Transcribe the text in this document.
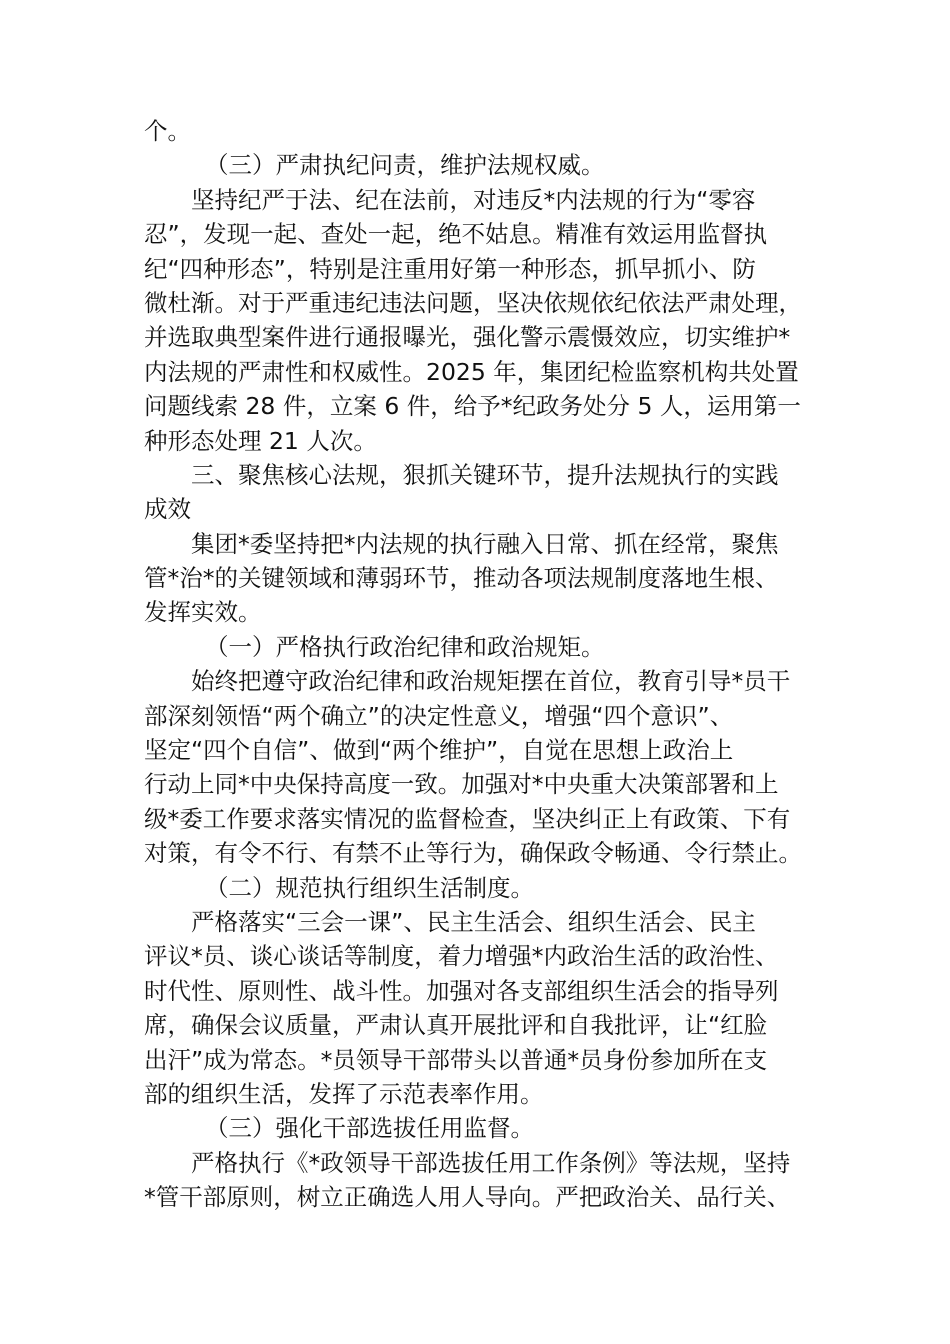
个。
（三）严肃执纪问责，维护法规权威。
坚持纪严于法、纪在法前，对违反*内法规的行为“零容
忍”，发现一起、查处一起，绝不姑息。精准有效运用监督执
纪“四种形态”，特别是注重用好第一种形态，抓早抓小、防
微杜渐。对于严重违纪违法问题，坚决依规依纪依法严肃处理，
并选取典型案件进行通报曝光，强化警示震慑效应，切实维护*
内法规的严肃性和权威性。2025 年，集团纪检监察机构共处置
问题线索 28 件，立案 6 件，给予*纪政务处分 5 人，运用第一
种形态处理 21 人次。
三、聚焦核心法规，狠抓关键环节，提升法规执行的实践
成效
集团*委坚持把*内法规的执行融入日常、抓在经常，聚焦
管*治*的关键领域和薄弱环节，推动各项法规制度落地生根、
发挥实效。
（一）严格执行政治纪律和政治规矩。
始终把遵守政治纪律和政治规矩摆在首位，教育引导*员干
部深刻领悟“两个确立”的决定性意义，增强“四个意识”、
坚定“四个自信”、做到“两个维护”，自觉在思想上政治上
行动上同*中央保持高度一致。加强对*中央重大决策部署和上
级*委工作要求落实情况的监督检查，坚决纠正上有政策、下有
对策，有令不行、有禁不止等行为，确保政令畅通、令行禁止。
（二）规范执行组织生活制度。
严格落实“三会一课”、民主生活会、组织生活会、民主
评议*员、谈心谈话等制度，着力增强*内政治生活的政治性、
时代性、原则性、战斗性。加强对各支部组织生活会的指导列
席，确保会议质量，严肃认真开展批评和自我批评，让“红脸
出汗”成为常态。*员领导干部带头以普通*员身份参加所在支
部的组织生活，发挥了示范表率作用。
（三）强化干部选拔任用监督。
严格执行《*政领导干部选拔任用工作条例》等法规，坚持
*管干部原则，树立正确选人用人导向。严把政治关、品行关、
